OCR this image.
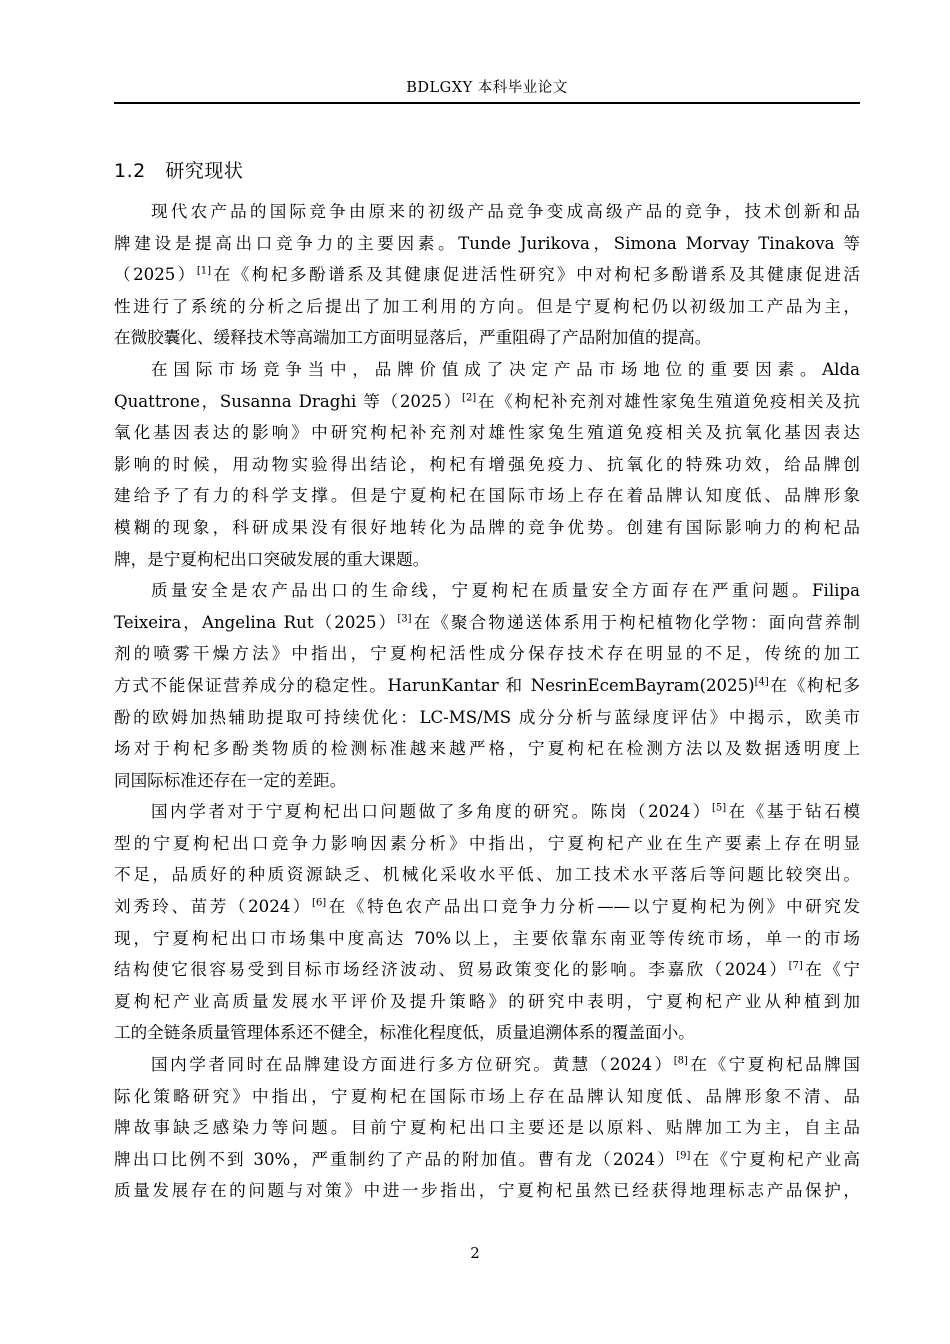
BDLGXY 本科毕业论文
1.2   研究现状
现代农产品的国际竞争由原来的初级产品竞争变成高级产品的竞争，技术创新和品
牌建设是提高出口竞争力的主要因素。Tunde Jurikova，Simona Morvay Tinakova 等
（2025）[1]在《枸杞多酚谱系及其健康促进活性研究》中对枸杞多酚谱系及其健康促进活
性进行了系统的分析之后提出了加工利用的方向。但是宁夏枸杞仍以初级加工产品为主，
在微胶囊化、缓释技术等高端加工方面明显落后，严重阻碍了产品附加值的提高。
在国际市场竞争当中，品牌价值成了决定产品市场地位的重要因素。Alda
Quattrone，Susanna Draghi 等（2025）[2]在《枸杞补充剂对雄性家兔生殖道免疫相关及抗
氧化基因表达的影响》中研究枸杞补充剂对雄性家兔生殖道免疫相关及抗氧化基因表达
影响的时候，用动物实验得出结论，枸杞有增强免疫力、抗氧化的特殊功效，给品牌创
建给予了有力的科学支撑。但是宁夏枸杞在国际市场上存在着品牌认知度低、品牌形象
模糊的现象，科研成果没有很好地转化为品牌的竞争优势。创建有国际影响力的枸杞品
牌，是宁夏枸杞出口突破发展的重大课题。
质量安全是农产品出口的生命线，宁夏枸杞在质量安全方面存在严重问题。Filipa
Teixeira，Angelina Rut（2025）[3]在《聚合物递送体系用于枸杞植物化学物：面向营养制
剂的喷雾干燥方法》中指出，宁夏枸杞活性成分保存技术存在明显的不足，传统的加工
方式不能保证营养成分的稳定性。HarunKantar 和 NesrinEcemBayram(2025)[4]在《枸杞多
酚的欧姆加热辅助提取可持续优化：LC-MS/MS 成分分析与蓝绿度评估》中揭示，欧美市
场对于枸杞多酚类物质的检测标准越来越严格，宁夏枸杞在检测方法以及数据透明度上
同国际标准还存在一定的差距。
国内学者对于宁夏枸杞出口问题做了多角度的研究。陈岗（2024）[5]在《基于钻石模
型的宁夏枸杞出口竞争力影响因素分析》中指出，宁夏枸杞产业在生产要素上存在明显
不足，品质好的种质资源缺乏、机械化采收水平低、加工技术水平落后等问题比较突出。
刘秀玲、苗芳（2024）[6]在《特色农产品出口竞争力分析——以宁夏枸杞为例》中研究发
现，宁夏枸杞出口市场集中度高达 70%以上，主要依靠东南亚等传统市场，单一的市场
结构使它很容易受到目标市场经济波动、贸易政策变化的影响。李嘉欣（2024）[7]在《宁
夏枸杞产业高质量发展水平评价及提升策略》的研究中表明，宁夏枸杞产业从种植到加
工的全链条质量管理体系还不健全，标准化程度低，质量追溯体系的覆盖面小。
国内学者同时在品牌建设方面进行多方位研究。黄慧（2024）[8]在《宁夏枸杞品牌国
际化策略研究》中指出，宁夏枸杞在国际市场上存在品牌认知度低、品牌形象不清、品
牌故事缺乏感染力等问题。目前宁夏枸杞出口主要还是以原料、贴牌加工为主，自主品
牌出口比例不到 30%，严重制约了产品的附加值。曹有龙（2024）[9]在《宁夏枸杞产业高
质量发展存在的问题与对策》中进一步指出，宁夏枸杞虽然已经获得地理标志产品保护，
2
